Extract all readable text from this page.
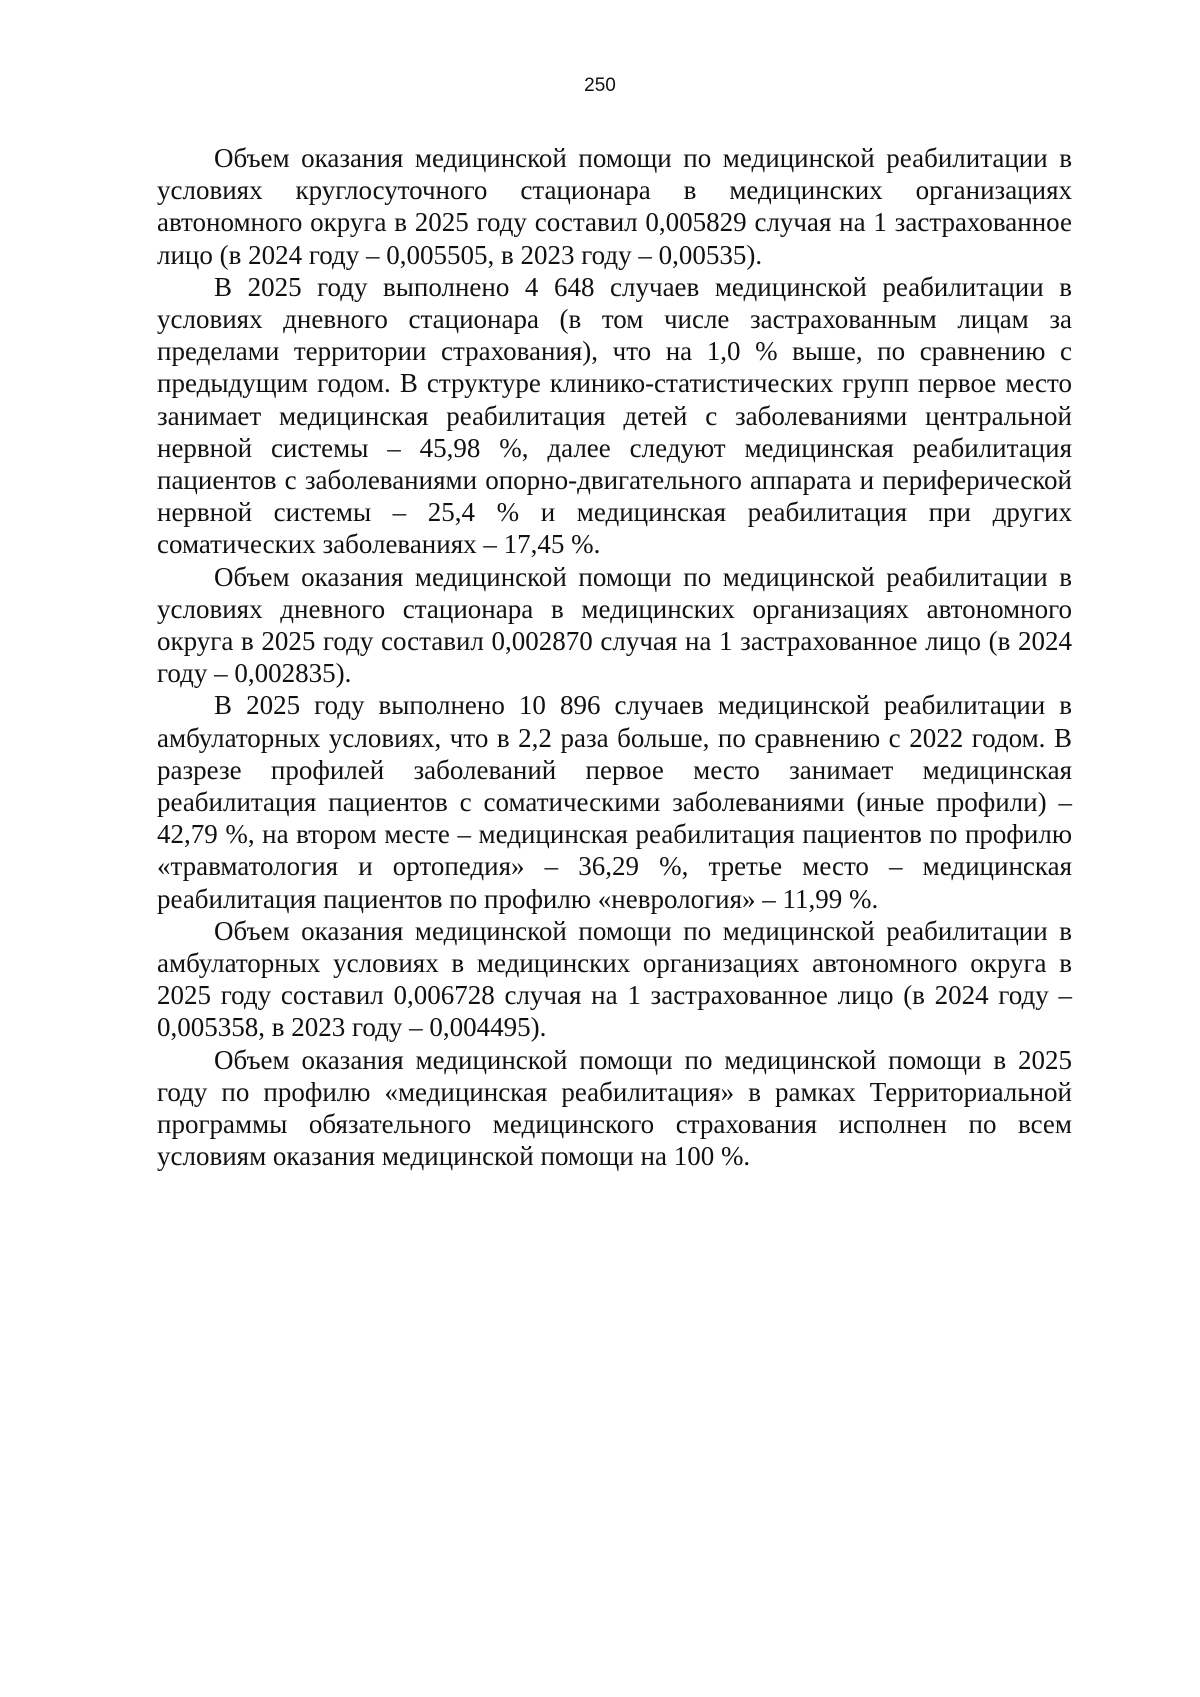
250

Объем оказания медицинской помощи по медицинской реабилитации в условиях круглосуточного стационара в медицинских организациях автономного округа в 2025 году составил 0,005829 случая на 1 застрахованное лицо (в 2024 году – 0,005505, в 2023 году – 0,00535).

В 2025 году выполнено 4 648 случаев медицинской реабилитации в условиях дневного стационара (в том числе застрахованным лицам за пределами территории страхования), что на 1,0 % выше, по сравнению с предыдущим годом. В структуре клинико-статистических групп первое место занимает медицинская реабилитация детей с заболеваниями центральной нервной системы – 45,98 %, далее следуют медицинская реабилитация пациентов с заболеваниями опорно-двигательного аппарата и периферической нервной системы – 25,4 % и медицинская реабилитация при других соматических заболеваниях – 17,45 %.

Объем оказания медицинской помощи по медицинской реабилитации в условиях дневного стационара в медицинских организациях автономного округа в 2025 году составил 0,002870 случая на 1 застрахованное лицо (в 2024 году – 0,002835).

В 2025 году выполнено 10 896 случаев медицинской реабилитации в амбулаторных условиях, что в 2,2 раза больше, по сравнению с 2022 годом. В разрезе профилей заболеваний первое место занимает медицинская реабилитация пациентов с соматическими заболеваниями (иные профили) – 42,79 %, на втором месте – медицинская реабилитация пациентов по профилю «травматология и ортопедия» – 36,29 %, третье место – медицинская реабилитация пациентов по профилю «неврология» – 11,99 %.

Объем оказания медицинской помощи по медицинской реабилитации в амбулаторных условиях в медицинских организациях автономного округа в 2025 году составил 0,006728 случая на 1 застрахованное лицо (в 2024 году – 0,005358, в 2023 году – 0,004495).

Объем оказания медицинской помощи по медицинской помощи в 2025 году по профилю «медицинская реабилитация» в рамках Территориальной программы обязательного медицинского страхования исполнен по всем условиям оказания медицинской помощи на 100 %.
